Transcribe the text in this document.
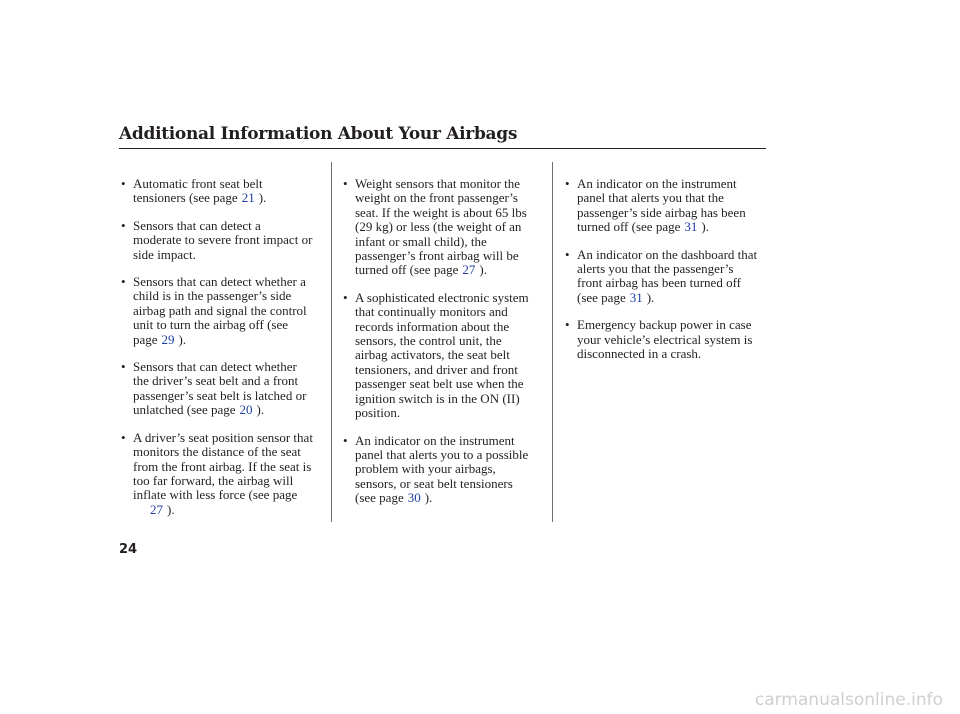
Additional Information About Your Airbags
• Automatic front seat belt
tensioners (see page 21 ).
• Sensors that can detect a
moderate to severe front impact or
side impact.
• Sensors that can detect whether a
child is in the passenger’s side
airbag path and signal the control
unit to turn the airbag off (see
page 29 ).
• Sensors that can detect whether
the driver’s seat belt and a front
passenger’s seat belt is latched or
unlatched (see page 20 ).
• A driver’s seat position sensor that
monitors the distance of the seat
from the front airbag. If the seat is
too far forward, the airbag will
inflate with less force (see page
27 ).
• Weight sensors that monitor the
weight on the front passenger’s
seat. If the weight is about 65 lbs
(29 kg) or less (the weight of an
infant or small child), the
passenger’s front airbag will be
turned off (see page 27 ).
• A sophisticated electronic system
that continually monitors and
records information about the
sensors, the control unit, the
airbag activators, the seat belt
tensioners, and driver and front
passenger seat belt use when the
ignition switch is in the ON (II)
position.
• An indicator on the instrument
panel that alerts you to a possible
problem with your airbags,
sensors, or seat belt tensioners
(see page 30 ).
• An indicator on the instrument
panel that alerts you that the
passenger’s side airbag has been
turned off (see page 31 ).
• An indicator on the dashboard that
alerts you that the passenger’s
front airbag has been turned off
(see page 31 ).
• Emergency backup power in case
your vehicle’s electrical system is
disconnected in a crash.
24
carmanualsonline.info
